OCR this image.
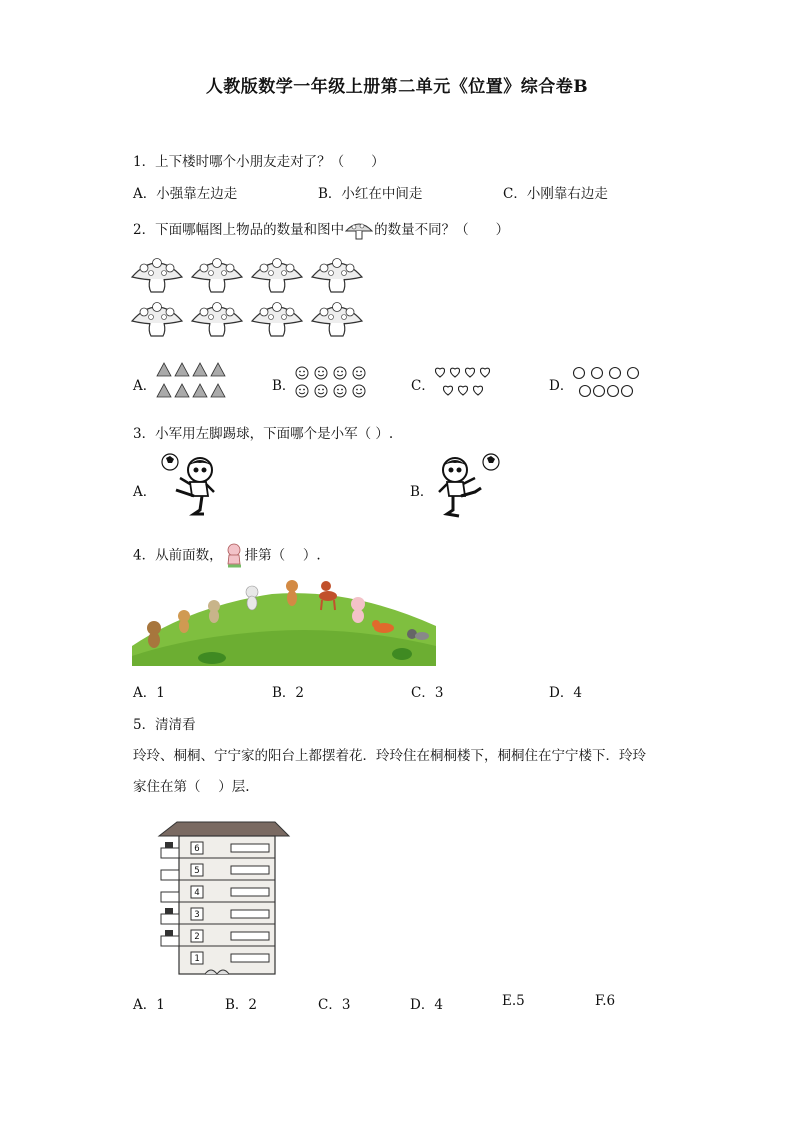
人教版数学一年级上册第二单元《位置》综合卷B
1．上下楼时哪个小朋友走对了？（　　）
A．小强靠左边走	B．小红在中间走	C．小刚靠右边走
2．下面哪幅图上物品的数量和图中 的数量不同？（　　）
A．	B．	C．	D．
3．小军用左脚踢球，下面哪个是小军（ ）.
A．	B．
4．从前面数， 排第（　 ）.
A．1	B．2	C．3	D．4
5．清清看
玲玲、桐桐、宁宁家的阳台上都摆着花．玲玲住在桐桐楼下，桐桐住在宁宁楼下．玲玲
家住在第（　 ）层.
6
5
4
3
2
1
A．1	B．2	C．3	D．4	E.5	F.6
